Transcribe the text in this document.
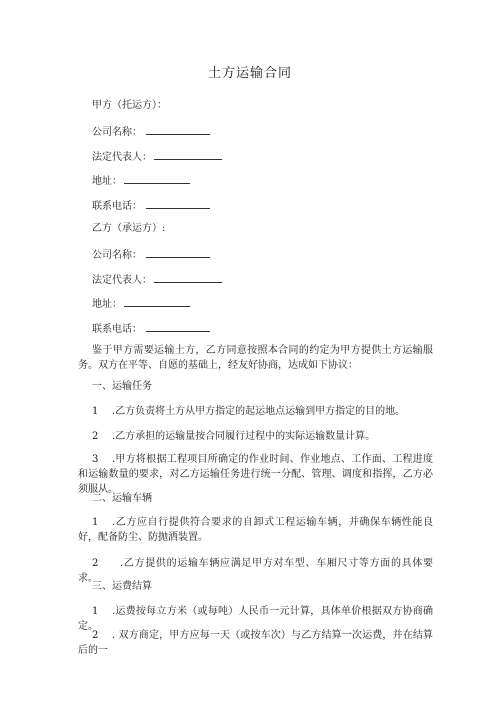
土方运输合同
甲方（托运方）：
公司名称：
法定代表人：
地址：
联系电话：
乙方（承运方）:
公司名称：
法定代表人：
地址：
联系电话：
鉴于甲方需要运输土方，乙方同意按照本合同的约定为甲方提供土方运输服务。双方在平等、自愿的基础上，经友好协商，达成如下协议：
一、运输任务
1 .乙方负责将土方从甲方指定的起运地点运输到甲方指定的目的地。
2 .乙方承担的运输量按合同履行过程中的实际运输数量计算。
3 .甲方将根据工程项目所确定的作业时间、作业地点、工作面、工程进度和运输数量的要求，对乙方运输任务进行统一分配、管理、调度和指挥，乙方必须服从。
二、运输车辆
1 .乙方应自行提供符合要求的自卸式工程运输车辆，并确保车辆性能良好，配备防尘、防抛洒装置。
2 .乙方提供的运输车辆应满足甲方对车型、车厢尺寸等方面的具体要求。
三、运费结算
1 .运费按每立方米（或每吨）人民币一元计算，具体单价根据双方协商确定。
2 . 双方商定，甲方应每一天（或按车次）与乙方结算一次运费，并在结算后的一
